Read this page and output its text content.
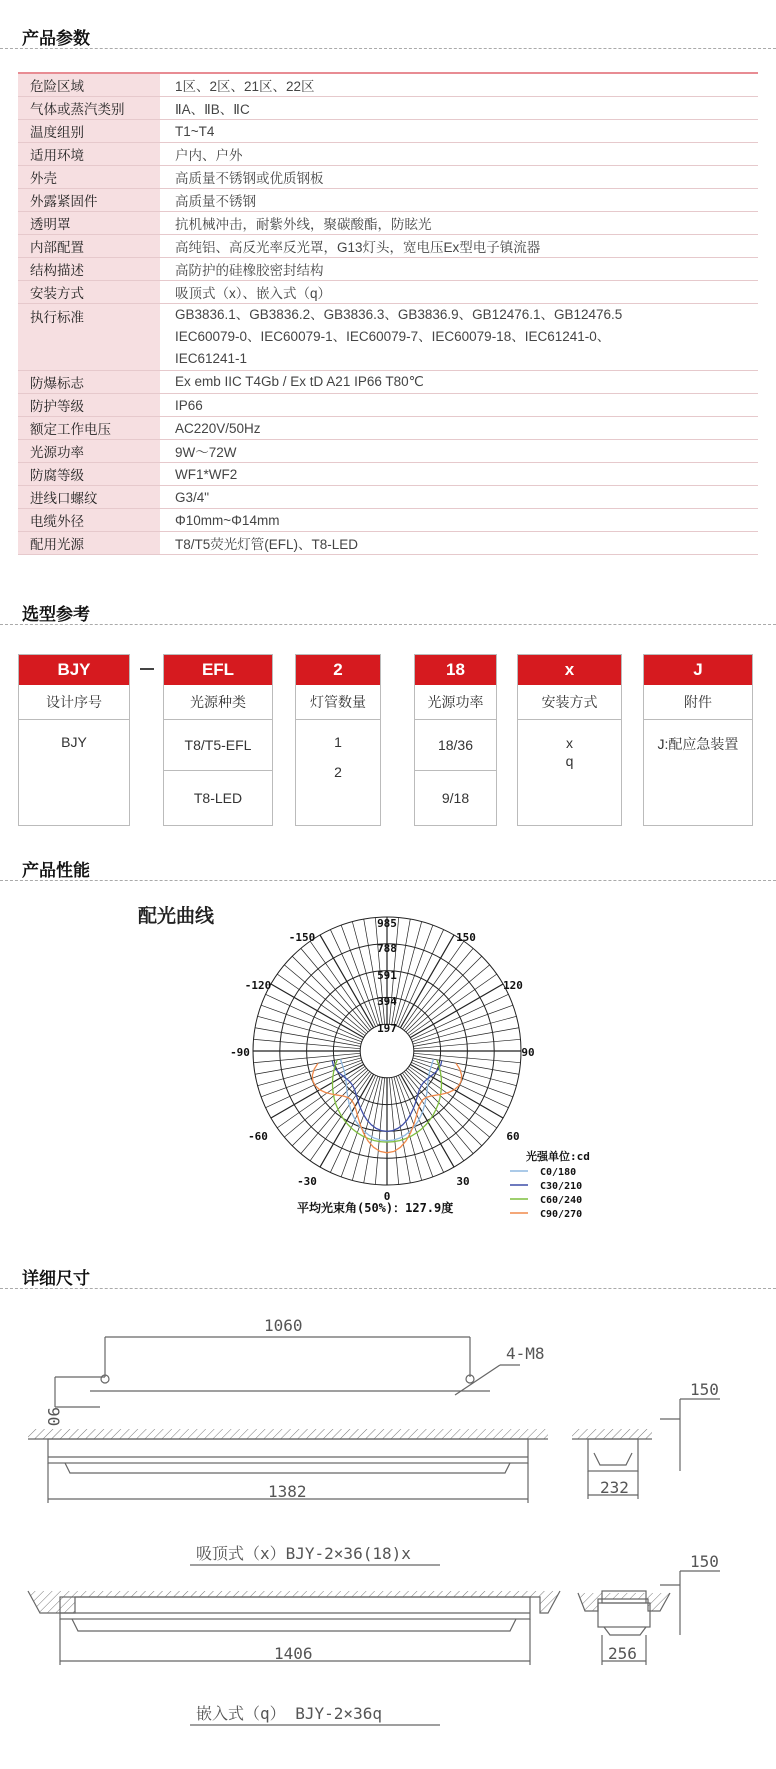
产品参数
危险区域	1区、2区、21区、22区
气体或蒸汽类别	ⅡA、ⅡB、ⅡC
温度组别	T1~T4
适用环境	户内、户外
外壳	高质量不锈钢或优质钢板
外露紧固件	高质量不锈钢
透明罩	抗机械冲击，耐紫外线，聚碳酸酯，防眩光
内部配置	高纯铝、高反光率反光罩，G13灯头，宽电压Ex型电子镇流器
结构描述	高防护的硅橡胶密封结构
安装方式	吸顶式（x）、嵌入式（q）
执行标准	GB3836.1、GB3836.2、GB3836.3、GB3836.9、GB12476.1、GB12476.5
IEC60079-0、IEC60079-1、IEC60079-7、IEC60079-18、IEC61241-0、
IEC61241-1

防爆标志	Ex emb IIC T4Gb / Ex tD A21 IP66 T80℃
防护等级	IP66
额定工作电压	AC220V/50Hz
光源功率	9W～72W
防腐等级	WF1*WF2
进线口螺纹	G3/4"
电缆外径	Φ10mm~Φ14mm
配用光源	T8/T5荧光灯管(EFL)、T8-LED
选型参考
BJY
设计序号
BJY
EFL
光源种类
T8/T5-EFL
T8-LED
2
灯管数量
1
2
18
光源功率
18/36
9/18
x
安装方式
x
q
J
附件
J:配应急装置
产品性能
配光曲线	985
788
591
394
197
-150	150
-120	120
-90	90
-60	60
-30	30
0
平均光束角(50%)：127.9度
光强单位:cd
C0/180
C30/210
C60/240
C90/270
详细尺寸
1060
4-M8
90
150
1382	232
吸顶式（x）BJY-2×36(18)x	150
1406	256
嵌入式（q） BJY-2×36q
